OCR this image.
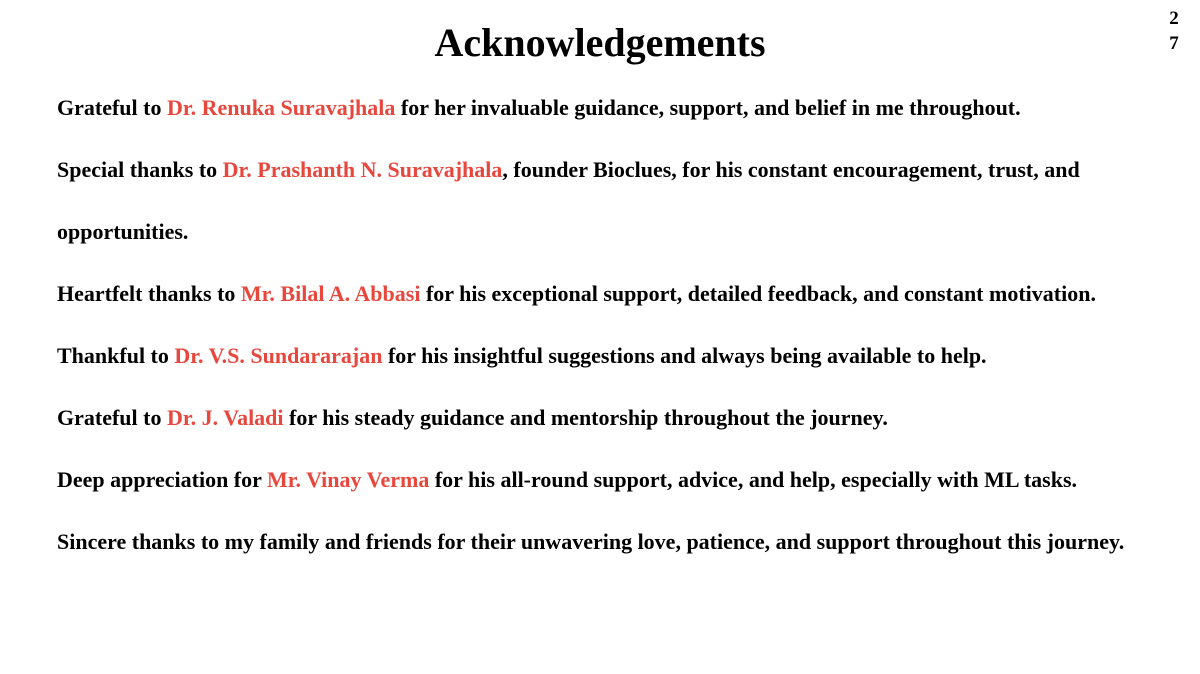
Acknowledgements
27

Grateful to Dr. Renuka Suravajhala for her invaluable guidance, support, and belief in me throughout.

Special thanks to Dr. Prashanth N. Suravajhala, founder Bioclues, for his constant encouragement, trust, and opportunities.

Heartfelt thanks to Mr. Bilal A. Abbasi for his exceptional support, detailed feedback, and constant motivation.

Thankful to Dr. V.S. Sundararajan for his insightful suggestions and always being available to help.

Grateful to Dr. J. Valadi for his steady guidance and mentorship throughout the journey.

Deep appreciation for Mr. Vinay Verma for his all-round support, advice, and help, especially with ML tasks.

Sincere thanks to my family and friends for their unwavering love, patience, and support throughout this journey.
